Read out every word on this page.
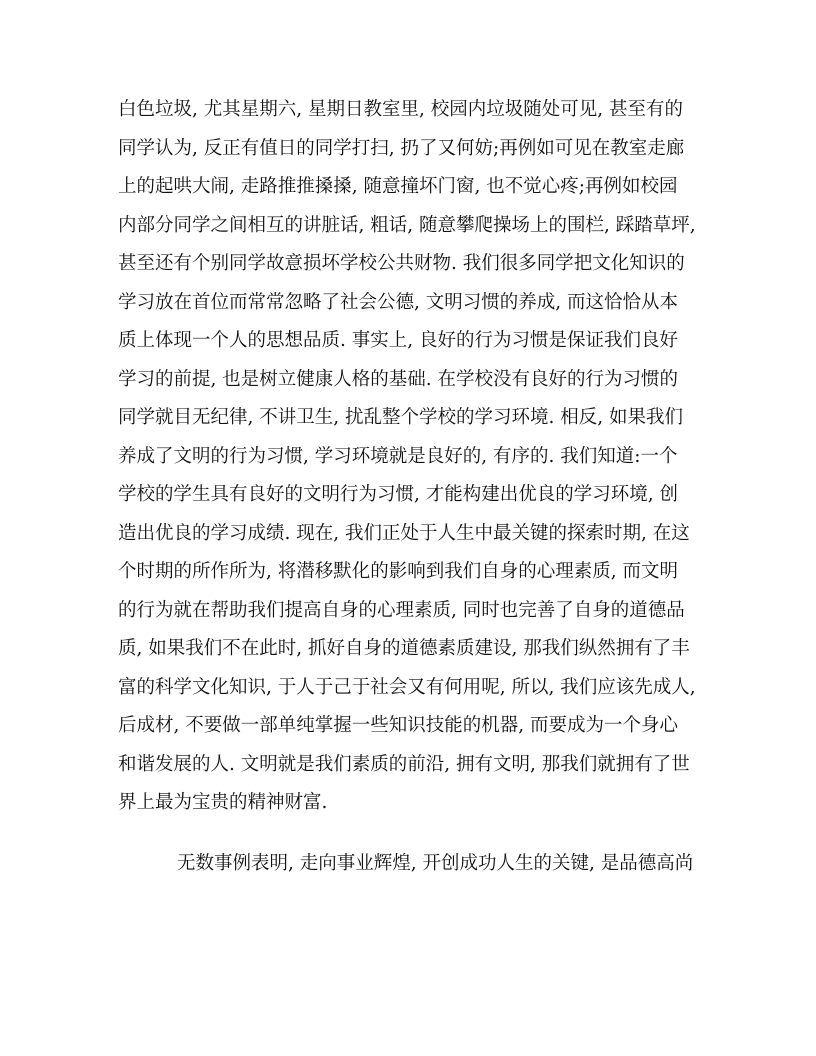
白色垃圾, 尤其星期六, 星期日教室里, 校园内垃圾随处可见, 甚至有的
同学认为, 反正有值日的同学打扫, 扔了又何妨;再例如可见在教室走廊
上的起哄大闹, 走路推推搡搡, 随意撞坏门窗, 也不觉心疼;再例如校园
内部分同学之间相互的讲脏话, 粗话, 随意攀爬操场上的围栏, 踩踏草坪,
甚至还有个别同学故意损坏学校公共财物. 我们很多同学把文化知识的
学习放在首位而常常忽略了社会公德, 文明习惯的养成, 而这恰恰从本
质上体现一个人的思想品质. 事实上, 良好的行为习惯是保证我们良好
学习的前提, 也是树立健康人格的基础. 在学校没有良好的行为习惯的
同学就目无纪律, 不讲卫生, 扰乱整个学校的学习环境. 相反, 如果我们
养成了文明的行为习惯, 学习环境就是良好的, 有序的. 我们知道:一个
学校的学生具有良好的文明行为习惯, 才能构建出优良的学习环境, 创
造出优良的学习成绩. 现在, 我们正处于人生中最关键的探索时期, 在这
个时期的所作所为, 将潜移默化的影响到我们自身的心理素质, 而文明
的行为就在帮助我们提高自身的心理素质, 同时也完善了自身的道德品
质, 如果我们不在此时, 抓好自身的道德素质建设, 那我们纵然拥有了丰
富的科学文化知识, 于人于己于社会又有何用呢, 所以, 我们应该先成人,
后成材, 不要做一部单纯掌握一些知识技能的机器, 而要成为一个身心
和谐发展的人. 文明就是我们素质的前沿, 拥有文明, 那我们就拥有了世
界上最为宝贵的精神财富.
无数事例表明, 走向事业辉煌, 开创成功人生的关键, 是品德高尚
